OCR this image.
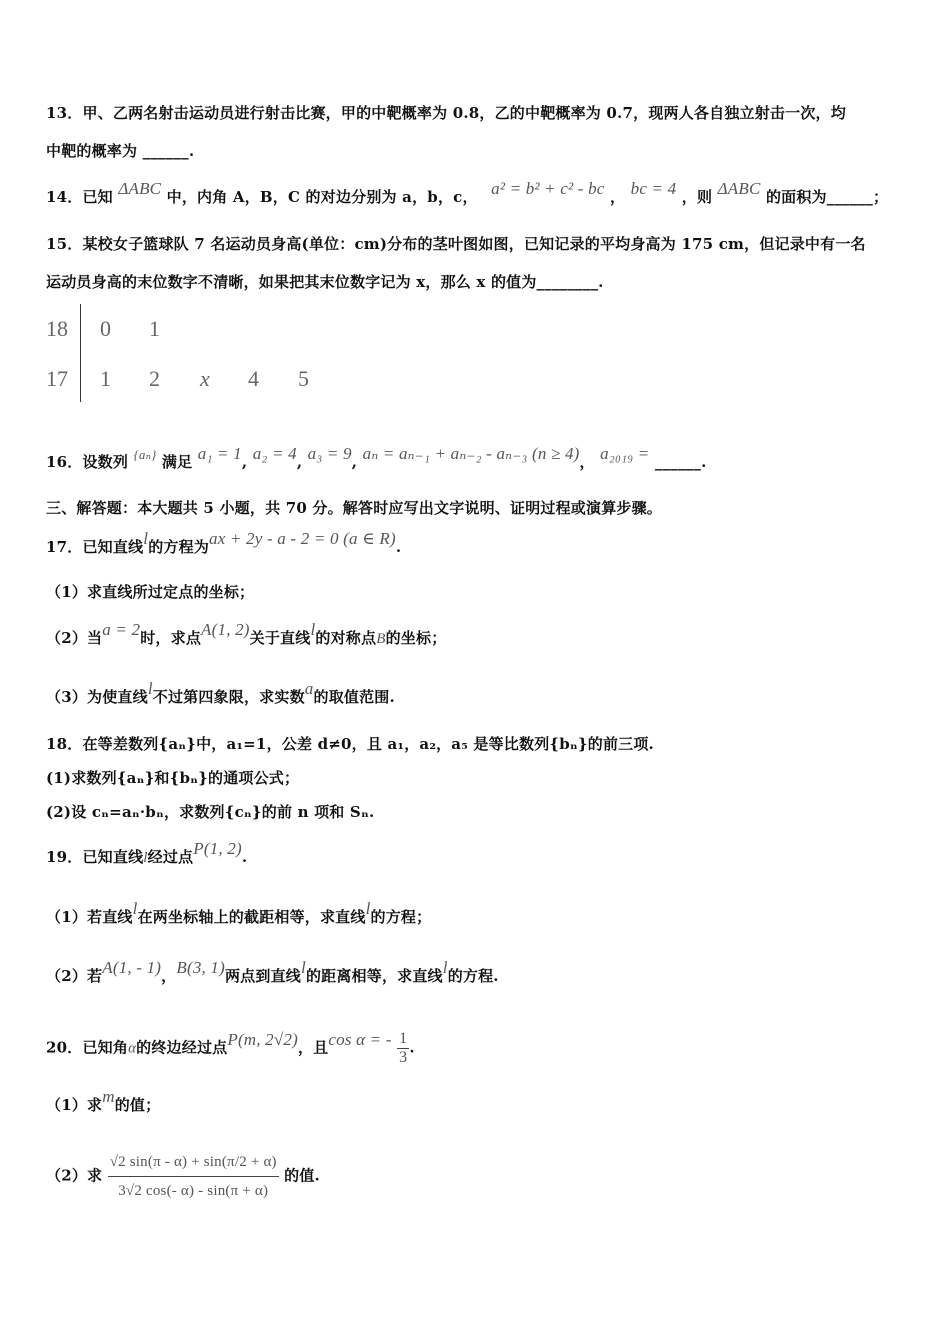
13．甲、乙两名射击运动员进行射击比赛，甲的中靶概率为 0.8，乙的中靶概率为 0.7，现两人各自独立射击一次，均
中靶的概率为 ______.
14．已知 ΔABC 中，内角 A，B，C 的对边分别为 a，b，c， a² = b² + c² - bc ， bc = 4 ，则 ΔABC 的面积为______；
15．某校女子篮球队 7 名运动员身高(单位：cm)分布的茎叶图如图，已知记录的平均身高为 175 cm，但记录中有一名
运动员身高的末位数字不清晰，如果把其末位数字记为 x，那么 x 的值为________.
18
17
0 1
1 2 x 4 5
16．设数列 {aₙ} 满足 a₁ = 1, a₂ = 4, a₃ = 9, aₙ = aₙ₋₁ + aₙ₋₂ - aₙ₋₃ (n ≥ 4)， a₂₀₁₉ = ______.
三、解答题：本大题共 5 小题，共 70 分。解答时应写出文字说明、证明过程或演算步骤。
17．已知直线l的方程为ax + 2y - a - 2 = 0 (a ∈ R).
（1）求直线所过定点的坐标；
（2）当a = 2时，求点A(1, 2)关于直线l的对称点B的坐标；
（3）为使直线l不过第四象限，求实数a的取值范围.
18．在等差数列{aₙ}中，a₁=1，公差 d≠0，且 a₁，a₂，a₅ 是等比数列{bₙ}的前三项.
(1)求数列{aₙ}和{bₙ}的通项公式；
(2)设 cₙ=aₙ·bₙ，求数列{cₙ}的前 n 项和 Sₙ.
19．已知直线l经过点P(1, 2).
（1）若直线l在两坐标轴上的截距相等，求直线l的方程；
（2）若A(1, - 1)，B(3, 1)两点到直线l的距离相等，求直线l的方程.
20．已知角α的终边经过点P(m, 2√2)，且cos α = - $\frac{1}{3}$ .
（1）求m的值；
（2）求 $\frac{√2 \sin(\pi - \alpha) + \sin(\pi/2 + \alpha)}{3√2 \cos(- \alpha) - \sin(\pi + \alpha)}$ 的值.
